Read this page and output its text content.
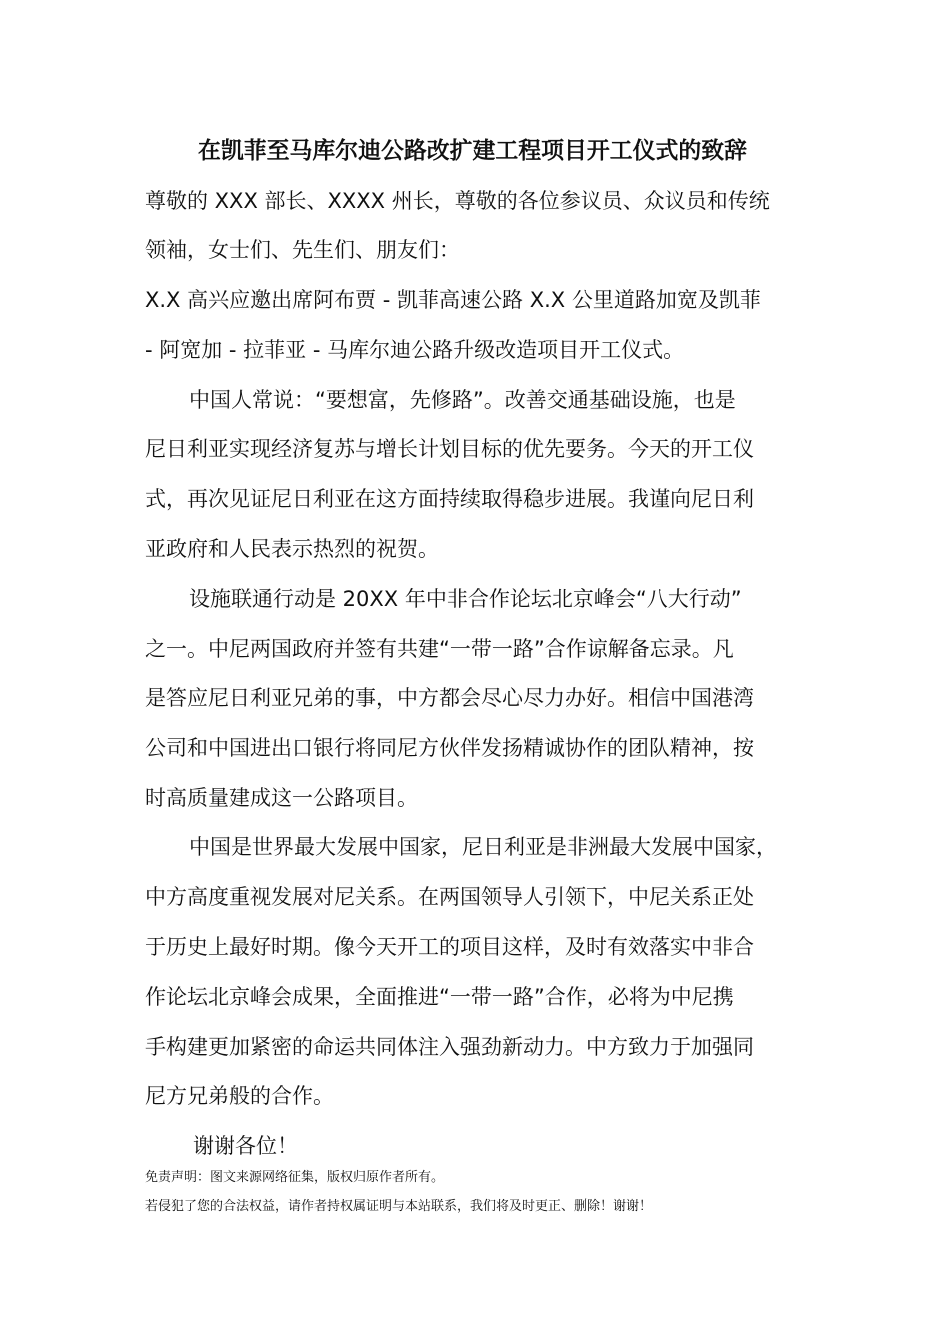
在凯菲至马库尔迪公路改扩建工程项目开工仪式的致辞
尊敬的 XXX 部长、XXXX 州长，尊敬的各位参议员、众议员和传统
领袖，女士们、先生们、朋友们：
X.X 高兴应邀出席阿布贾 - 凯菲高速公路 X.X 公里道路加宽及凯菲
- 阿宽加 - 拉菲亚 - 马库尔迪公路升级改造项目开工仪式。
中国人常说：“要想富，先修路”。改善交通基础设施，也是
尼日利亚实现经济复苏与增长计划目标的优先要务。今天的开工仪
式，再次见证尼日利亚在这方面持续取得稳步进展。我谨向尼日利
亚政府和人民表示热烈的祝贺。
设施联通行动是 20XX 年中非合作论坛北京峰会“八大行动”
之一。中尼两国政府并签有共建“一带一路”合作谅解备忘录。凡
是答应尼日利亚兄弟的事，中方都会尽心尽力办好。相信中国港湾
公司和中国进出口银行将同尼方伙伴发扬精诚协作的团队精神，按
时高质量建成这一公路项目。
中国是世界最大发展中国家，尼日利亚是非洲最大发展中国家，
中方高度重视发展对尼关系。在两国领导人引领下，中尼关系正处
于历史上最好时期。像今天开工的项目这样，及时有效落实中非合
作论坛北京峰会成果，全面推进“一带一路”合作，必将为中尼携
手构建更加紧密的命运共同体注入强劲新动力。中方致力于加强同
尼方兄弟般的合作。
谢谢各位！
免责声明：图文来源网络征集，版权归原作者所有。
若侵犯了您的合法权益，请作者持权属证明与本站联系，我们将及时更正、删除！谢谢！
